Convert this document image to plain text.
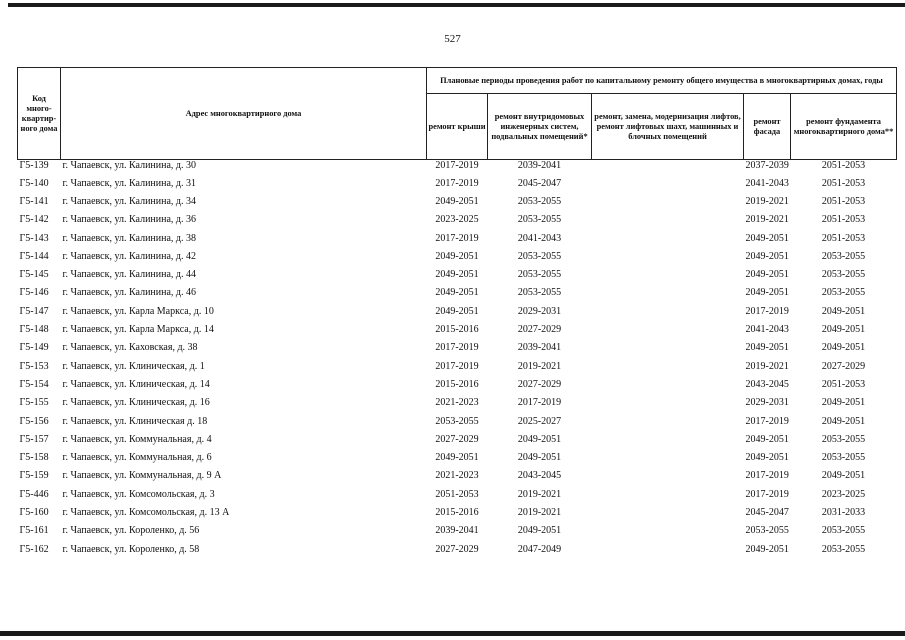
527
Код много-квартир-ного дома	Адрес многоквартирного дома	Плановые периоды проведения работ по капитальному ремонту общего имущества в многоквартирных домах, годы				
		ремонт крыши	ремонт внутридомовых инженерных систем, подвальных помещений*	ремонт, замена, модернизация лифтов, ремонт лифтовых шахт, машинных и блочных помещений	ремонт фасада	ремонт фундамента многоквартирного дома**
Г5-139	г. Чапаевск, ул. Калинина, д. 30	2017-2019	2039-2041		2037-2039	2051-2053
Г5-140	г. Чапаевск, ул. Калинина, д. 31	2017-2019	2045-2047		2041-2043	2051-2053
Г5-141	г. Чапаевск, ул. Калинина, д. 34	2049-2051	2053-2055		2019-2021	2051-2053
Г5-142	г. Чапаевск, ул. Калинина, д. 36	2023-2025	2053-2055		2019-2021	2051-2053
Г5-143	г. Чапаевск, ул. Калинина, д. 38	2017-2019	2041-2043		2049-2051	2051-2053
Г5-144	г. Чапаевск, ул. Калинина, д. 42	2049-2051	2053-2055		2049-2051	2053-2055
Г5-145	г. Чапаевск, ул. Калинина, д. 44	2049-2051	2053-2055		2049-2051	2053-2055
Г5-146	г. Чапаевск, ул. Калинина, д. 46	2049-2051	2053-2055		2049-2051	2053-2055
Г5-147	г. Чапаевск, ул. Карла Маркса, д. 10	2049-2051	2029-2031		2017-2019	2049-2051
Г5-148	г. Чапаевск, ул. Карла Маркса, д. 14	2015-2016	2027-2029		2041-2043	2049-2051
Г5-149	г. Чапаевск, ул. Каховская, д. 38	2017-2019	2039-2041		2049-2051	2049-2051
Г5-153	г. Чапаевск, ул. Клиническая, д. 1	2017-2019	2019-2021		2019-2021	2027-2029
Г5-154	г. Чапаевск, ул. Клиническая, д. 14	2015-2016	2027-2029		2043-2045	2051-2053
Г5-155	г. Чапаевск, ул. Клиническая, д. 16	2021-2023	2017-2019		2029-2031	2049-2051
Г5-156	г. Чапаевск, ул. Клиническая д. 18	2053-2055	2025-2027		2017-2019	2049-2051
Г5-157	г. Чапаевск, ул. Коммунальная, д. 4	2027-2029	2049-2051		2049-2051	2053-2055
Г5-158	г. Чапаевск, ул. Коммунальная, д. 6	2049-2051	2049-2051		2049-2051	2053-2055
Г5-159	г. Чапаевск, ул. Коммунальная, д. 9 А	2021-2023	2043-2045		2017-2019	2049-2051
Г5-446	г. Чапаевск, ул. Комсомольская, д. 3	2051-2053	2019-2021		2017-2019	2023-2025
Г5-160	г. Чапаевск, ул. Комсомольская, д. 13 А	2015-2016	2019-2021		2045-2047	2031-2033
Г5-161	г. Чапаевск, ул. Короленко, д. 56	2039-2041	2049-2051		2053-2055	2053-2055
Г5-162	г. Чапаевск, ул. Короленко, д. 58	2027-2029	2047-2049		2049-2051	2053-2055
